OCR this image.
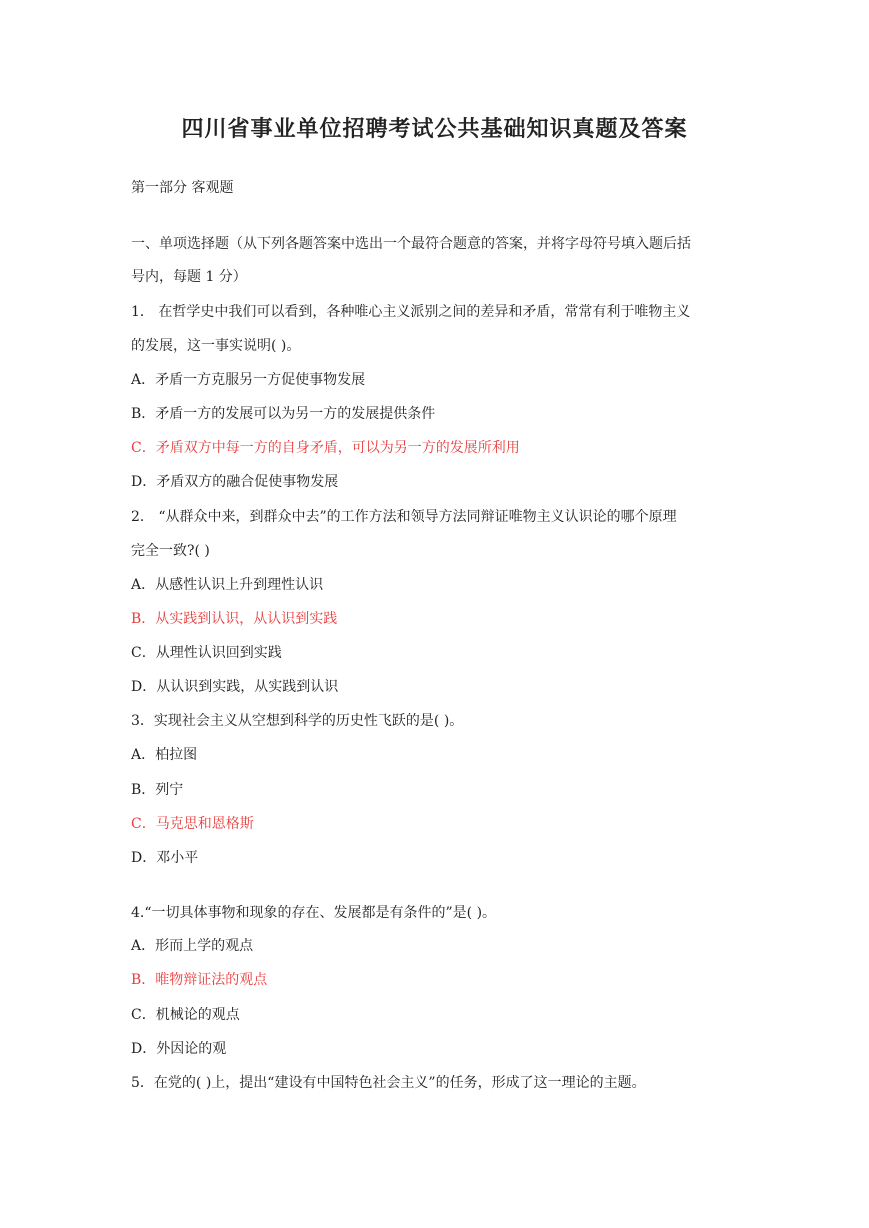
四川省事业单位招聘考试公共基础知识真题及答案

第一部分 客观题

一、单项选择题（从下列各题答案中选出一个最符合题意的答案，并将字母符号填入题后括

号内，每题 1 分）

1． 在哲学史中我们可以看到，各种唯心主义派别之间的差异和矛盾，常常有利于唯物主义

的发展，这一事实说明( )。

A．矛盾一方克服另一方促使事物发展

B．矛盾一方的发展可以为另一方的发展提供条件

C．矛盾双方中每一方的自身矛盾，可以为另一方的发展所利用

D．矛盾双方的融合促使事物发展

2． “从群众中来，到群众中去”的工作方法和领导方法同辩证唯物主义认识论的哪个原理

完全一致?( )

A．从感性认识上升到理性认识

B．从实践到认识，从认识到实践

C．从理性认识回到实践

D．从认识到实践，从实践到认识

3．实现社会主义从空想到科学的历史性飞跃的是( )。

A．柏拉图

B．列宁

C．马克思和恩格斯

D．邓小平

4.“一切具体事物和现象的存在、发展都是有条件的”是( )。

A．形而上学的观点

B．唯物辩证法的观点

C．机械论的观点

D．外因论的观

5．在党的( )上，提出“建设有中国特色社会主义”的任务，形成了这一理论的主题。
